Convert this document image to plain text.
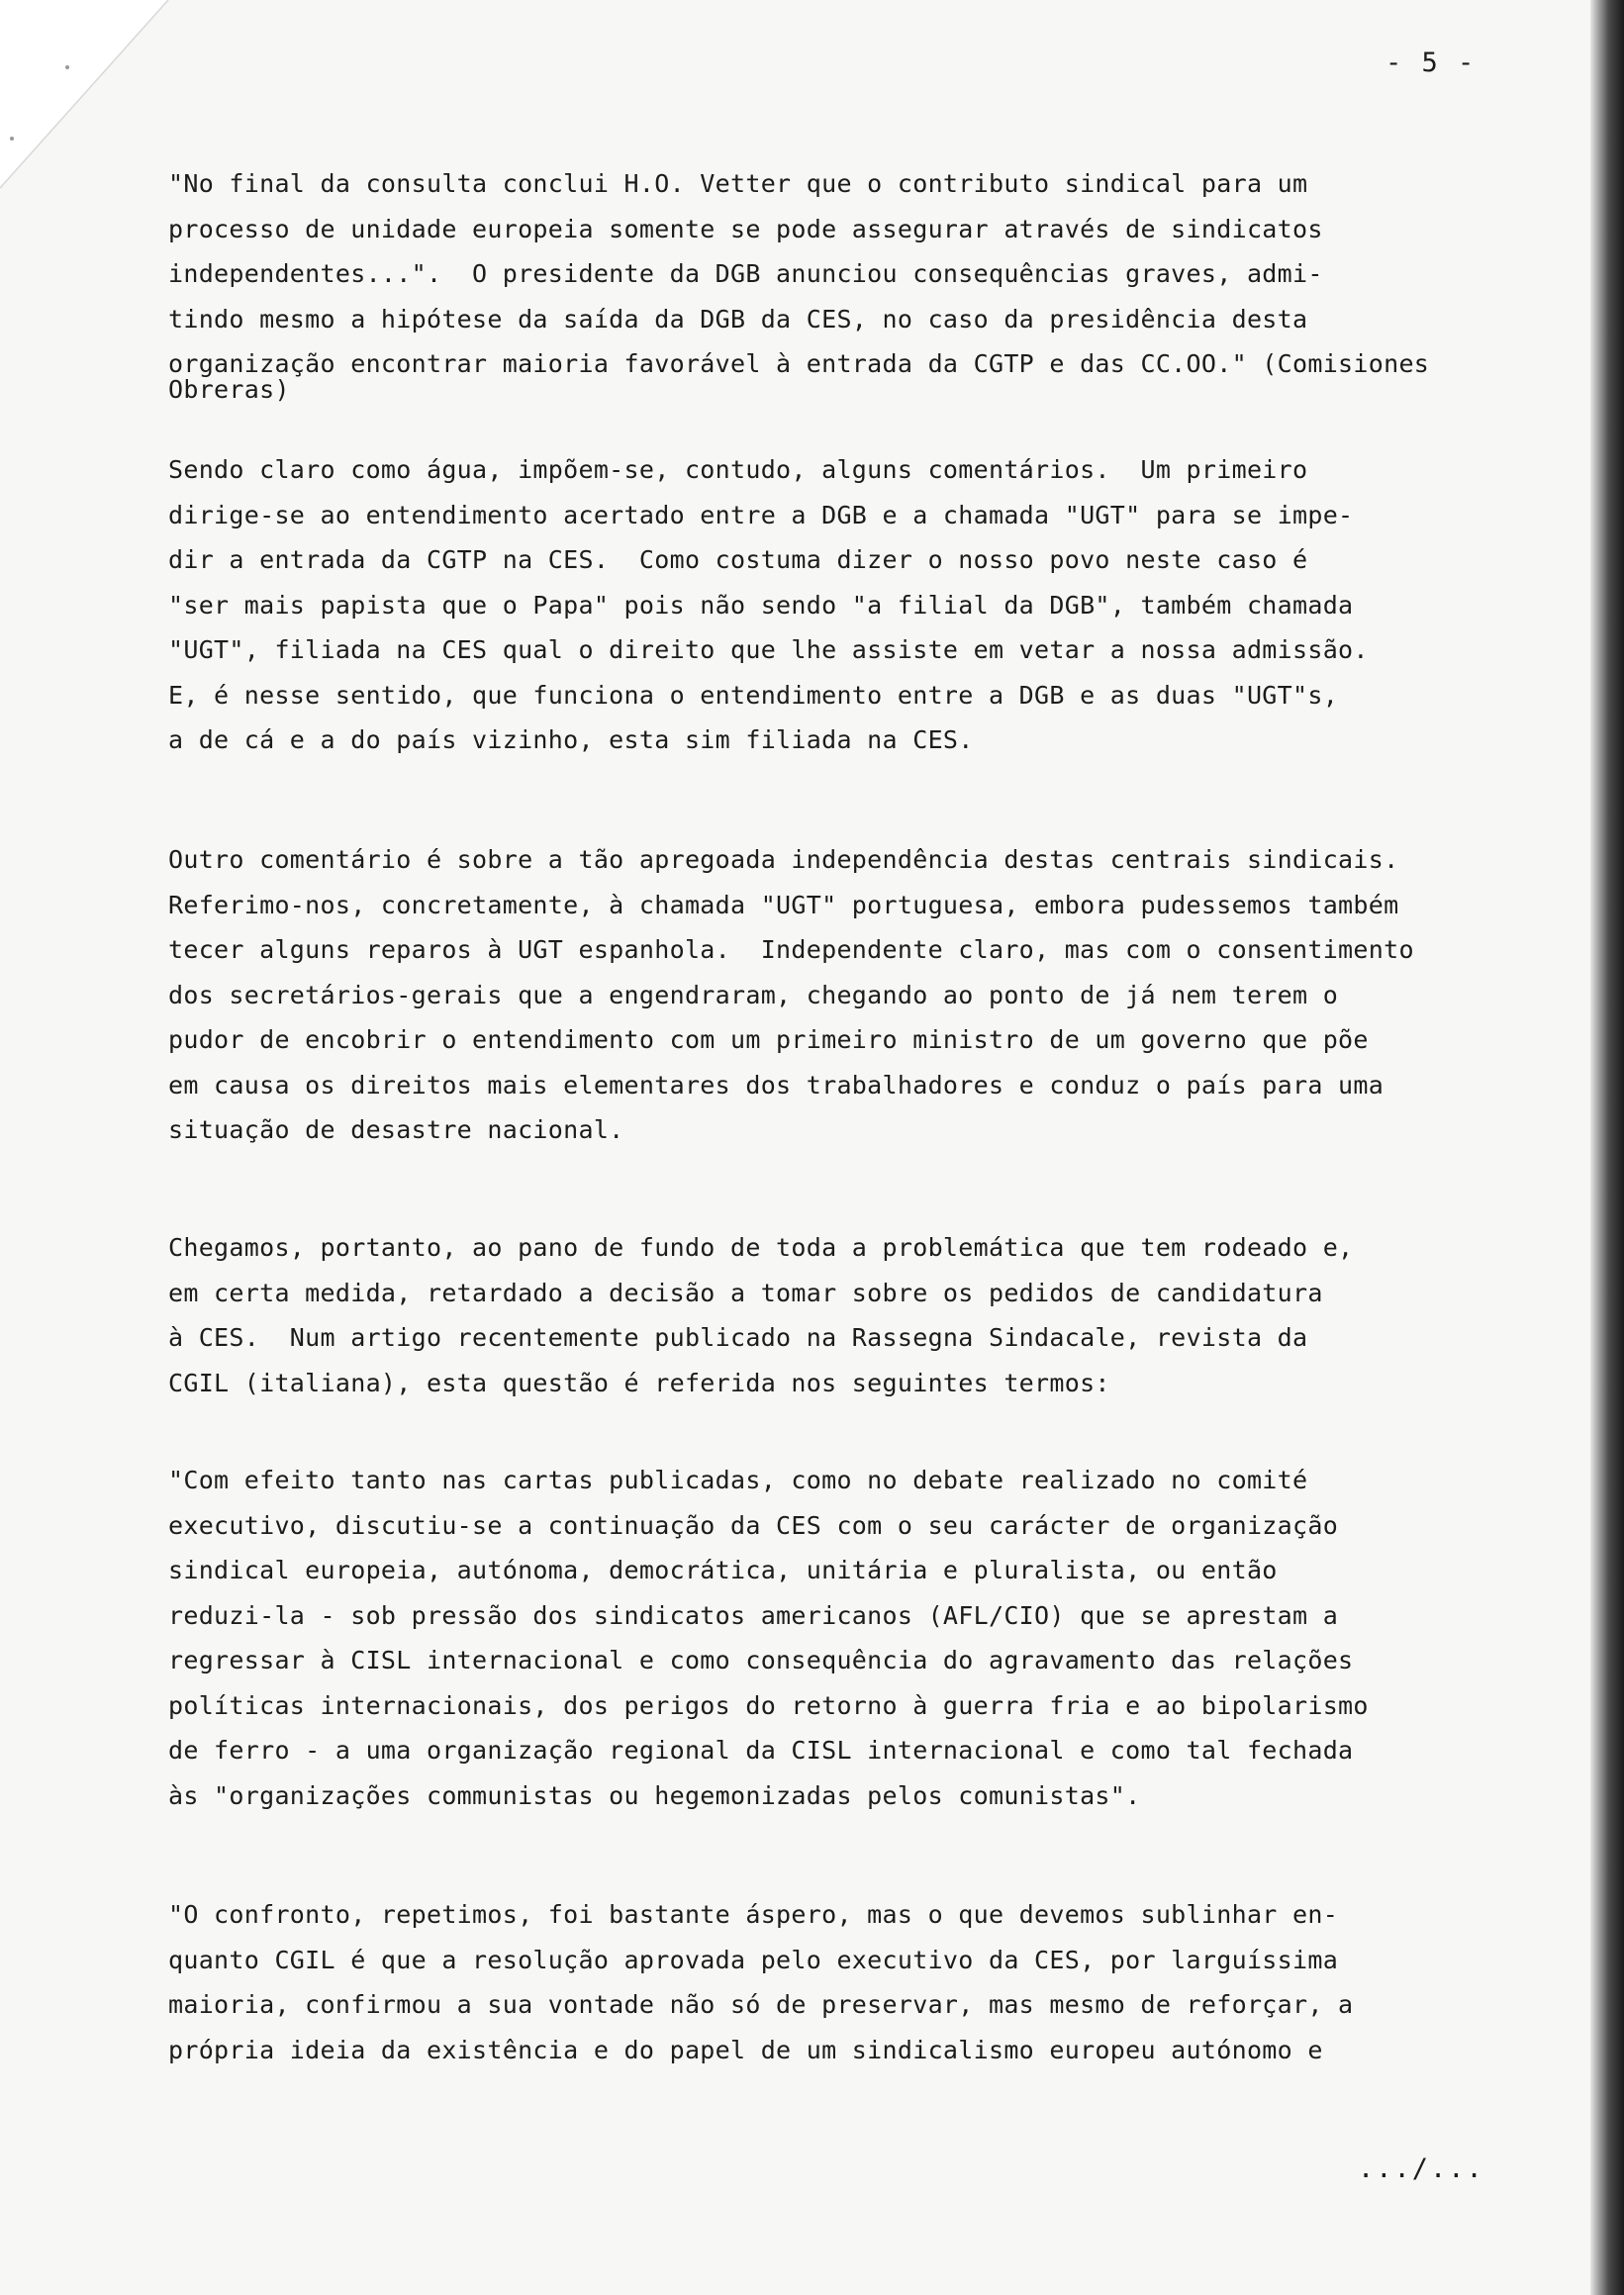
- 5 -
"No final da consulta conclui H.O. Vetter que o contributo sindical para um
processo de unidade europeia somente se pode assegurar através de sindicatos
independentes...".  O presidente da DGB anunciou consequências graves, admi-
tindo mesmo a hipótese da saída da DGB da CES, no caso da presidência desta
organização encontrar maioria favorável à entrada da CGTP e das CC.OO." (Comisiones
Obreras)
Sendo claro como água, impõem-se, contudo, alguns comentários.  Um primeiro
dirige-se ao entendimento acertado entre a DGB e a chamada "UGT" para se impe-
dir a entrada da CGTP na CES.  Como costuma dizer o nosso povo neste caso é
"ser mais papista que o Papa" pois não sendo "a filial da DGB", também chamada
"UGT", filiada na CES qual o direito que lhe assiste em vetar a nossa admissão.
E, é nesse sentido, que funciona o entendimento entre a DGB e as duas "UGT"s,
a de cá e a do país vizinho, esta sim filiada na CES.
Outro comentário é sobre a tão apregoada independência destas centrais sindicais.
Referimo-nos, concretamente, à chamada "UGT" portuguesa, embora pudessemos também
tecer alguns reparos à UGT espanhola.  Independente claro, mas com o consentimento
dos secretários-gerais que a engendraram, chegando ao ponto de já nem terem o
pudor de encobrir o entendimento com um primeiro ministro de um governo que põe
em causa os direitos mais elementares dos trabalhadores e conduz o país para uma
situação de desastre nacional.
Chegamos, portanto, ao pano de fundo de toda a problemática que tem rodeado e,
em certa medida, retardado a decisão a tomar sobre os pedidos de candidatura
à CES.  Num artigo recentemente publicado na Rassegna Sindacale, revista da
CGIL (italiana), esta questão é referida nos seguintes termos:
"Com efeito tanto nas cartas publicadas, como no debate realizado no comité
executivo, discutiu-se a continuação da CES com o seu carácter de organização
sindical europeia, autónoma, democrática, unitária e pluralista, ou então
reduzi-la - sob pressão dos sindicatos americanos (AFL/CIO) que se aprestam a
regressar à CISL internacional e como consequência do agravamento das relações
políticas internacionais, dos perigos do retorno à guerra fria e ao bipolarismo
de ferro - a uma organização regional da CISL internacional e como tal fechada
às "organizações communistas ou hegemonizadas pelos comunistas".
"O confronto, repetimos, foi bastante áspero, mas o que devemos sublinhar en-
quanto CGIL é que a resolução aprovada pelo executivo da CES, por larguíssima
maioria, confirmou a sua vontade não só de preservar, mas mesmo de reforçar, a
própria ideia da existência e do papel de um sindicalismo europeu autónomo e
.../...
